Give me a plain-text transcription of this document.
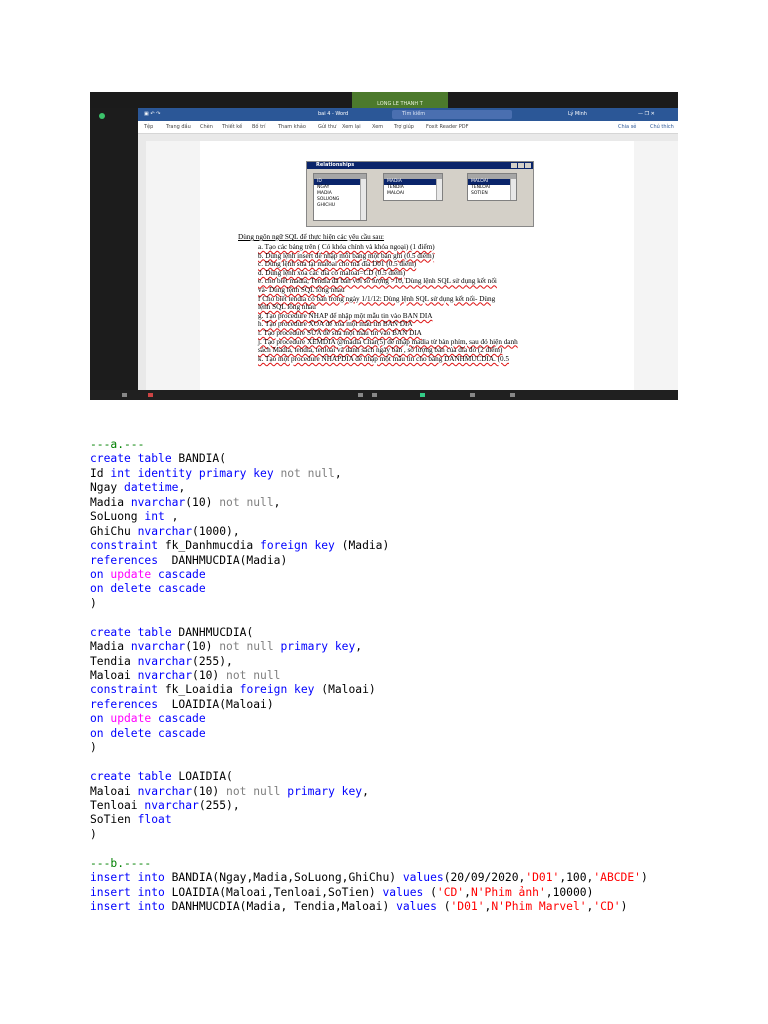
LONG LE THANH T
▣ ↶ ↷	bai 4 - Word	Tìm kiếm	Lý Minh	— ❐ ✕
Chia sẻ	Chú thích
Tệp	Trang đầu Chèn Thiết kế Bố trí	Tham khảo Gửi thư Xem lại Xem Trợ giúp Foxit Reader PDF
Relationships
ID
NGAY
MADIA
SOLUONG
GHICHU
MADIA
TENDIA
MALOAI
MALOAI
TENLOAI
SOTIEN
Dùng ngôn ngữ SQL để thực hiện các yêu cầu sau:
a. Tạo các bảng trên ( Có khóa chính và khóa ngoại) (1 điểm)
b. Dùng lệnh insert để nhập mỗi bảng một bản ghi (0.5 điểm)
c. Dùng lệnh sửa lại maloai cho mã đĩa D01 (0.5 điểm)
d. Dùng lệnh xóa các đĩa có maloai=CD (0.5 điểm)
e. cho biết madia, Tendia đã bán với số lượng >10, Dùng lệnh SQL sử dụng kết nối
và- Dùng lệnh SQL lồng nhau
f Cho biết tendia có bán trong ngày 1/1/12: Dùng lệnh SQL sử dụng kết nối- Dùng
lệnh SQL lồng nhau
g. Tạo procedure NHAP để nhập một mẫu tin vào BAN DIA
h. Tạo procedure XOA để xóa một mẫu tin BAN DIA
i. Tạo procedure SỬA để sửa một mẫu tin vào BAN DIA
j. Tạo procedure XEMDIA @madia Char(5) để nhập madia từ bàn phím, sau đó hiện danh
sách Madia, tendia, tenloai và danh sách ngày bán , số lượng bán của đĩa đó (2 điểm)
k. Tạo một procedure NHAPDIA để nhập một mẫu tin cho bảng DANHMUCDIA. (0.5
---a.---
create table BANDIA(
Id int identity primary key not null,
Ngay datetime,
Madia nvarchar(10) not null,
SoLuong int ,
GhiChu nvarchar(1000),
constraint fk_Danhmucdia foreign key (Madia)
references  DANHMUCDIA(Madia)
on update cascade
on delete cascade
)
create table DANHMUCDIA(
Madia nvarchar(10) not null primary key,
Tendia nvarchar(255),
Maloai nvarchar(10) not null
constraint fk_Loaidia foreign key (Maloai)
references  LOAIDIA(Maloai)
on update cascade
on delete cascade
)
create table LOAIDIA(
Maloai nvarchar(10) not null primary key,
Tenloai nvarchar(255),
SoTien float
)
---b.----
insert into BANDIA(Ngay,Madia,SoLuong,GhiChu) values(20/09/2020,'D01',100,'ABCDE')
insert into LOAIDIA(Maloai,Tenloai,SoTien) values ('CD',N'Phim ảnh',10000)
insert into DANHMUCDIA(Madia, Tendia,Maloai) values ('D01',N'Phim Marvel','CD')
